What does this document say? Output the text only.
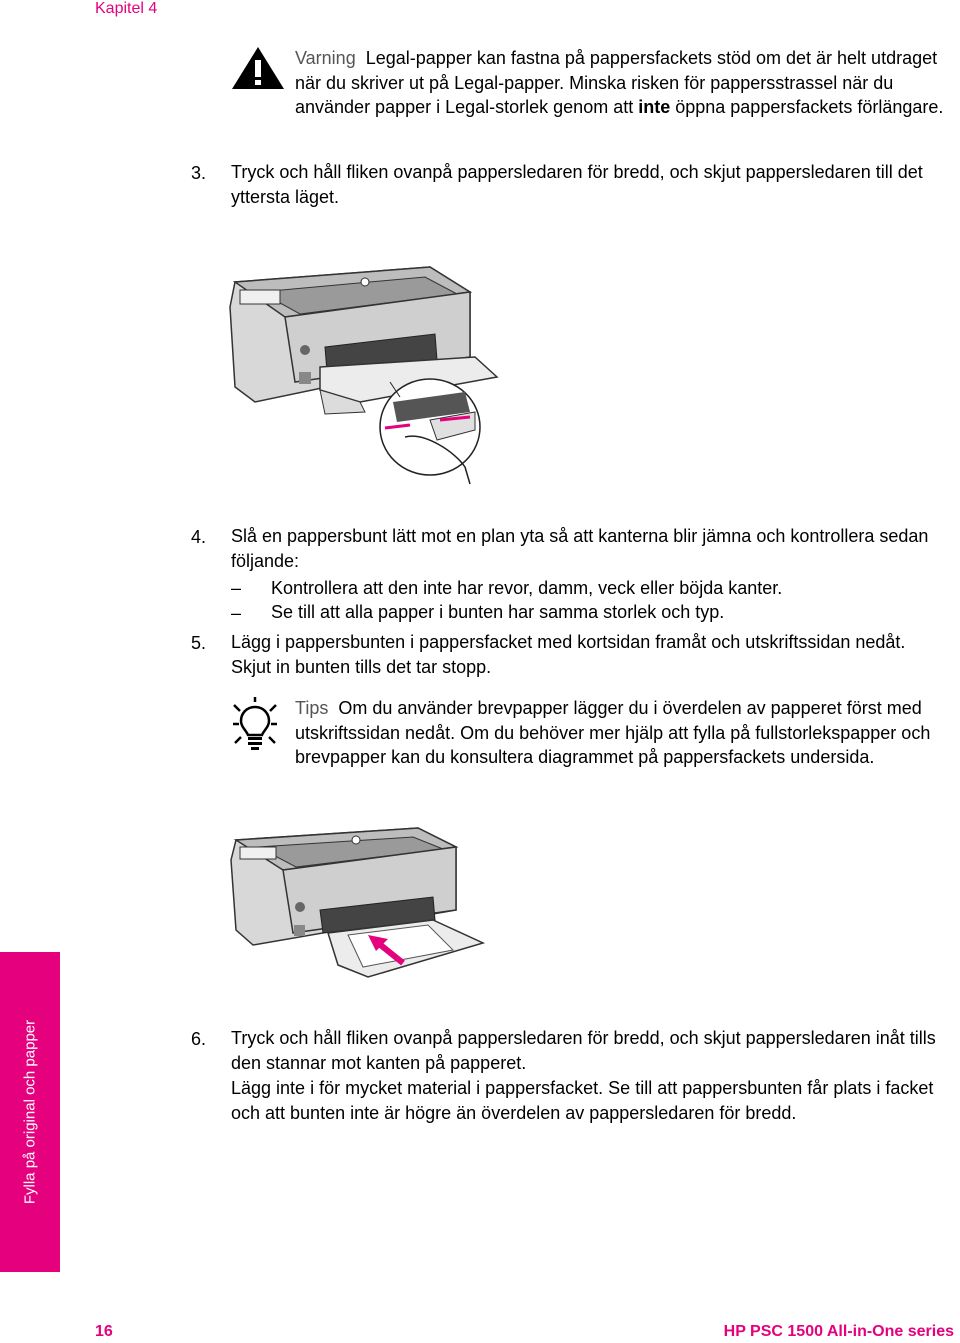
Kapitel 4
Varning Legal-papper kan fastna på pappersfackets stöd om det är helt utdraget när du skriver ut på Legal-papper. Minska risken för pappersstrassel när du använder papper i Legal-storlek genom att inte öppna pappersfackets förlängare.
3. Tryck och håll fliken ovanpå pappersledaren för bredd, och skjut pappersledaren till det yttersta läget.
4. Slå en pappersbunt lätt mot en plan yta så att kanterna blir jämna och kontrollera sedan följande:
– Kontrollera att den inte har revor, damm, veck eller böjda kanter.
– Se till att alla papper i bunten har samma storlek och typ.
5. Lägg i pappersbunten i pappersfacket med kortsidan framåt och utskriftssidan nedåt. Skjut in bunten tills det tar stopp.
Tips Om du använder brevpapper lägger du i överdelen av papperet först med utskriftssidan nedåt. Om du behöver mer hjälp att fylla på fullstorlekspapper och brevpapper kan du konsultera diagrammet på pappersfackets undersida.
6. Tryck och håll fliken ovanpå pappersledaren för bredd, och skjut pappersledaren inåt tills den stannar mot kanten på papperet.
Lägg inte i för mycket material i pappersfacket. Se till att pappersbunten får plats i facket och att bunten inte är högre än överdelen av pappersledaren för bredd.
Fylla på original och papper
16	HP PSC 1500 All-in-One series
